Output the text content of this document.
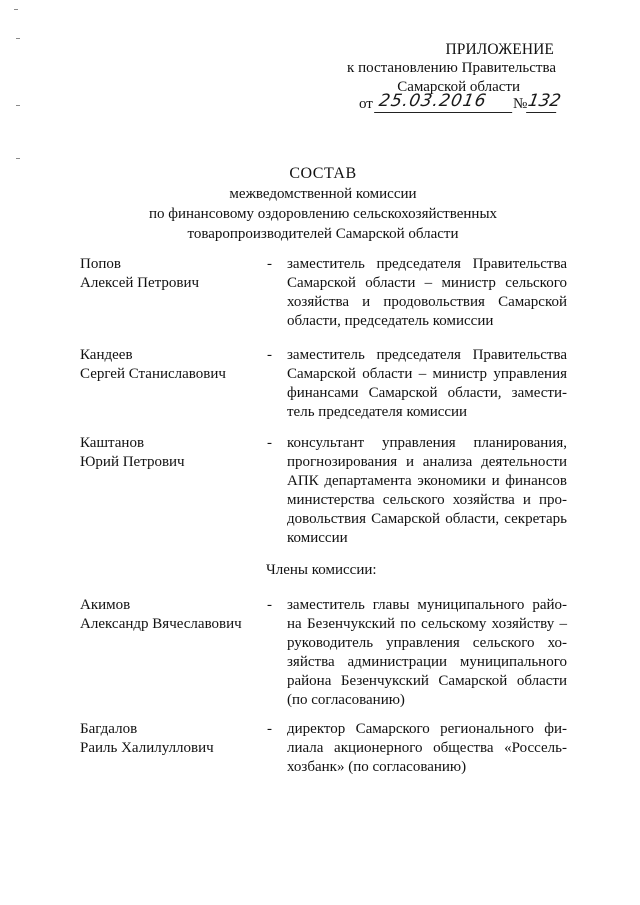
ПРИЛОЖЕНИЕ
к постановлению Правительства
Самарской области
от 25.03.2016	№ 132
СОСТАВ
межведомственной комиссии
по финансовому оздоровлению сельскохозяйственных
товаропроизводителей Самарской области
Попов
Алексей Петрович
-	заместитель председателя Правительства
Самарской области – министр сельского
хозяйства и продовольствия Самарской
области, председатель комиссии
Кандеев
Сергей Станиславович
-	заместитель председателя Правительства
Самарской области – министр управления
финансами Самарской области, замести-
тель председателя комиссии
Каштанов
Юрий Петрович
-	консультант управления планирования,
прогнозирования и анализа деятельности
АПК департамента экономики и финансов
министерства сельского хозяйства и про-
довольствия Самарской области, секретарь
комиссии
Члены комиссии:
Акимов
Александр Вячеславович
-	заместитель главы муниципального райо-
на Безенчукский по сельскому хозяйству –
руководитель управления сельского хо-
зяйства администрации муниципального
района Безенчукский Самарской области
(по согласованию)
Багдалов
Раиль Халилуллович
-	директор Самарского регионального фи-
лиала акционерного общества «Россель-
хозбанк» (по согласованию)
